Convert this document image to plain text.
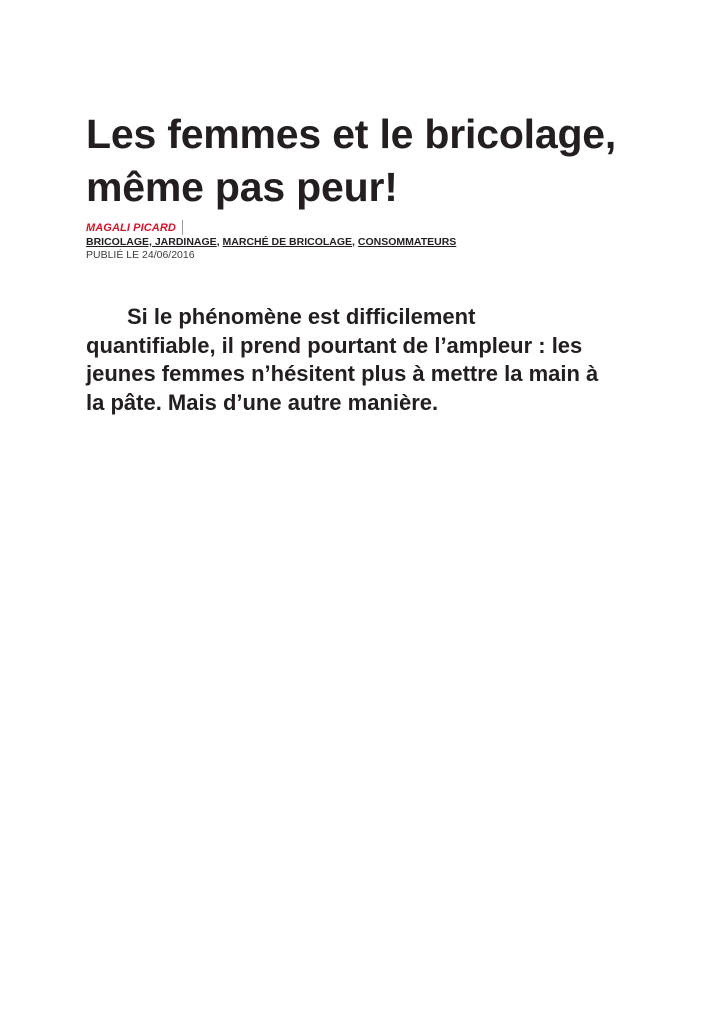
Les femmes et le bricolage,
même pas peur!
MAGALI PICARD
BRICOLAGE, JARDINAGE, MARCHÉ DE BRICOLAGE, CONSOMMATEURS
PUBLIÉ LE 24/06/2016

Si le phénomène est difficilement quantifiable, il prend pourtant de l’ampleur : les jeunes femmes n’hésitent plus à mettre la main à la pâte. Mais d’une autre manière.
